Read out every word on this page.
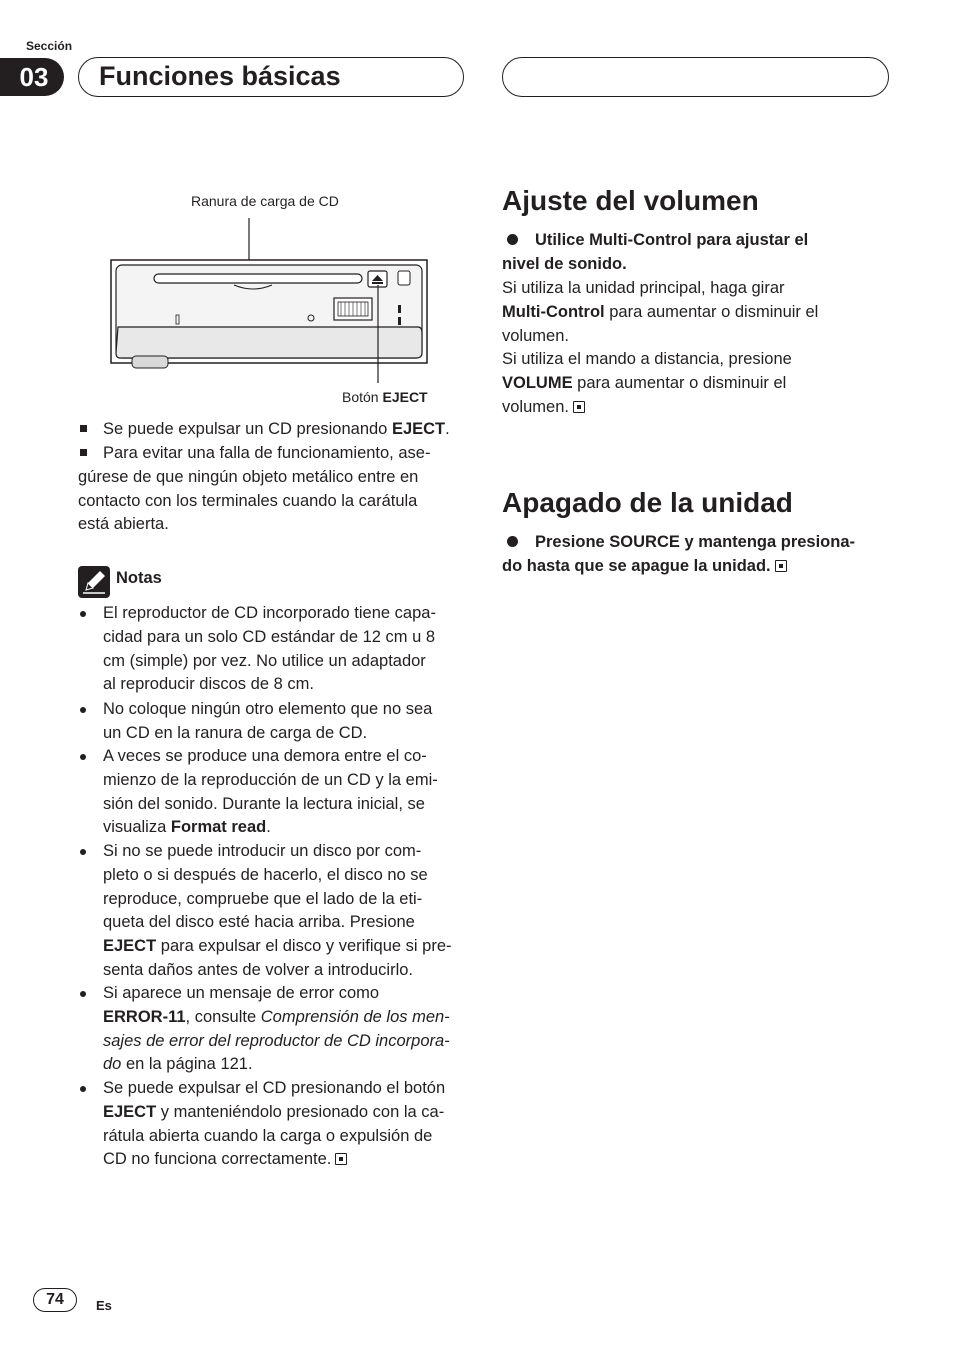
Sección
03	Funciones básicas
Ranura de carga de CD
Botón EJECT
Se puede expulsar un CD presionando EJECT.
Para evitar una falla de funcionamiento, ase-
gúrese de que ningún objeto metálico entre en
contacto con los terminales cuando la carátula
está abierta.
Notas
El reproductor de CD incorporado tiene capa-
cidad para un solo CD estándar de 12 cm u 8
cm (simple) por vez. No utilice un adaptador
al reproducir discos de 8 cm.
No coloque ningún otro elemento que no sea
un CD en la ranura de carga de CD.
A veces se produce una demora entre el co-
mienzo de la reproducción de un CD y la emi-
sión del sonido. Durante la lectura inicial, se
visualiza Format read.
Si no se puede introducir un disco por com-
pleto o si después de hacerlo, el disco no se
reproduce, compruebe que el lado de la eti-
queta del disco esté hacia arriba. Presione
EJECT para expulsar el disco y verifique si pre-
senta daños antes de volver a introducirlo.
Si aparece un mensaje de error como
ERROR-11, consulte Comprensión de los men-
sajes de error del reproductor de CD incorpora-
do en la página 121.
Se puede expulsar el CD presionando el botón
EJECT y manteniéndolo presionado con la ca-
rátula abierta cuando la carga o expulsión de
CD no funciona correctamente.
Ajuste del volumen
Utilice Multi-Control para ajustar el
nivel de sonido.
Si utiliza la unidad principal, haga girar
Multi-Control para aumentar o disminuir el
volumen.
Si utiliza el mando a distancia, presione
VOLUME para aumentar o disminuir el
volumen.
Apagado de la unidad
Presione SOURCE y mantenga presiona-
do hasta que se apague la unidad.
74	Es
